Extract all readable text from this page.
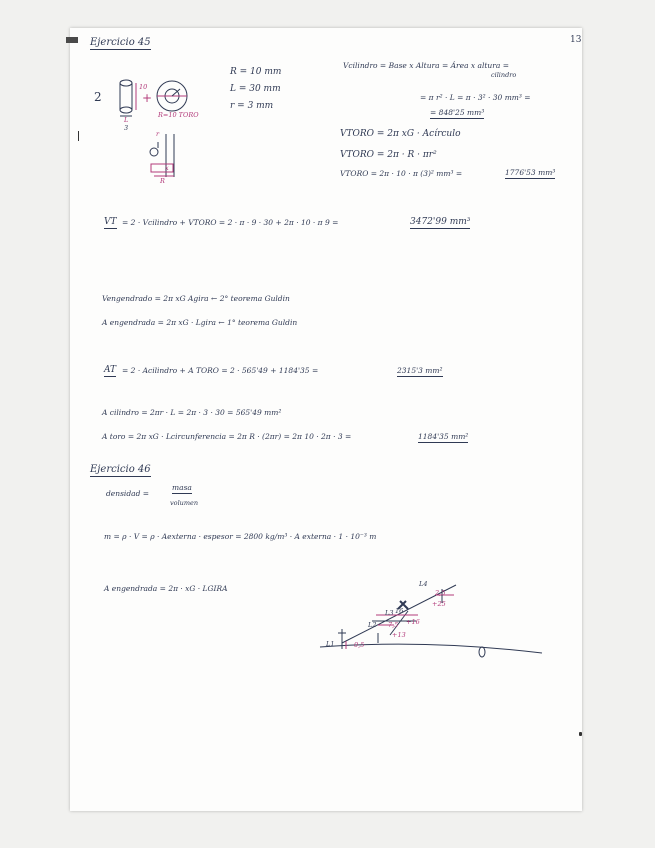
Ejercicio 45	13
2
10
+
L
3
R=10 TORO
r
x
R
R = 10 mm
L = 30 mm
r = 3 mm
Vcilindro = Base x Altura = Área x altura =
cilindro
= π r² · L = π · 3² · 30 mm³ =
= 848'25 mm³
VTORO = 2π xG · Acírculo
VTORO = 2π · R · πr²
VTORO = 2π · 10 · π (3)² mm³ =	1776'53 mm³
VT = 2 · Vcilindro + VTORO = 2 · π · 9 · 30 + 2π · 10 · π 9 =	3472'99 mm³
Vengendrado = 2π xG Agira ← 2° teorema Guldin
A engendrada = 2π xG · Lgira ← 1° teorema Guldin
AT = 2 · Acilindro + A TORO = 2 · 565'49 + 1184'35 =	2315'3 mm²
A cilindro = 2πr · L = 2π · 3 · 30 = 565'49 mm²
A toro = 2π xG · Lcircunferencia = 2π R · (2πr) = 2π 10 · 2π · 3 =	1184'35 mm²
Ejercicio 46
densidad =
masa
volumen
m = ρ · V = ρ · Aexterna · espesor = 2800 kg/m³ · A externa · 1 · 10⁻³ m
A engendrada = 2π · xG · LGIRA
L1
L2
L3
L4
0,5
7,5 +16
+13
2,5
+25
16
